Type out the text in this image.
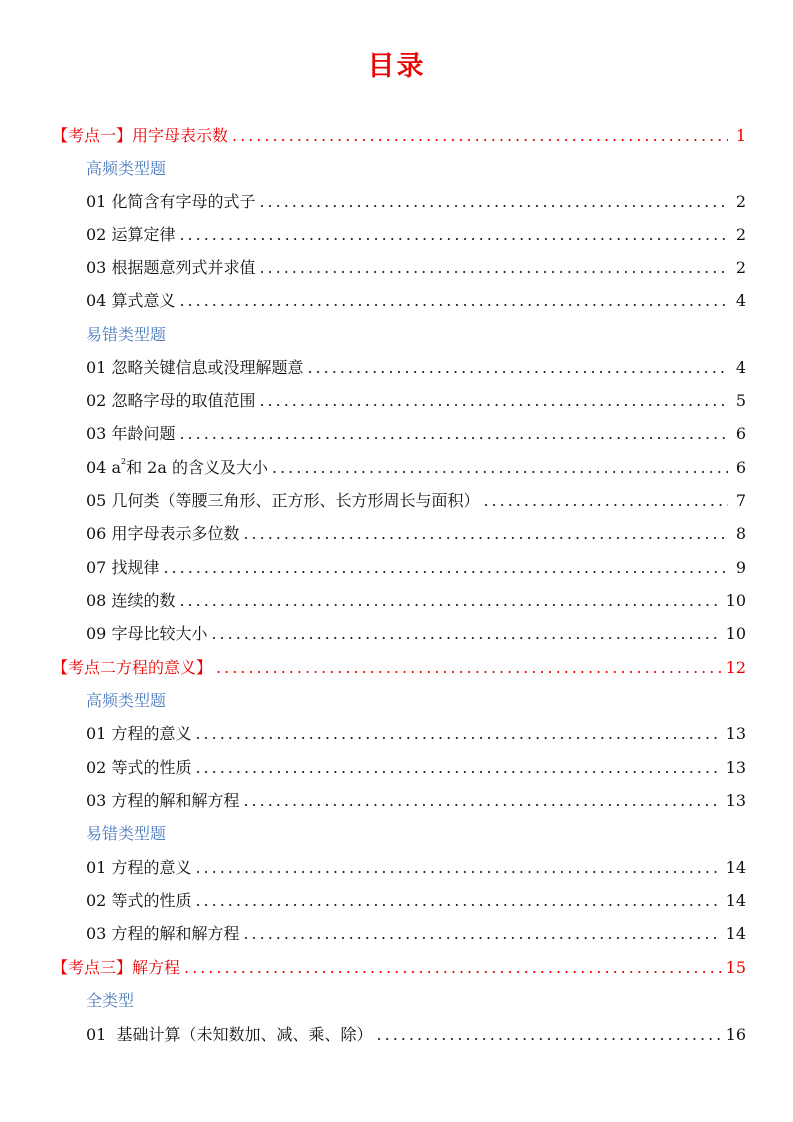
目录
【考点一】用字母表示数 .....	1
高频类型题
01 化简含有字母的式子 .....	2
02 运算定律 .....	2
03 根据题意列式并求值 .....	2
04 算式意义 .....	4
易错类型题
01 忽略关键信息或没理解题意 .....	4
02 忽略字母的取值范围 .....	5
03 年龄问题 .....	6
04 $a^2$和 2a 的含义及大小 .....	6
05 几何类（等腰三角形、正方形、长方形周长与面积） .....	7
06 用字母表示多位数 .....	8
07 找规律 .....	9
08 连续的数 .....	10
09 字母比较大小 .....	10
【考点二方程的意义】 .....	12
高频类型题
01 方程的意义 .....	13
02 等式的性质 .....	13
03 方程的解和解方程 .....	13
易错类型题
01 方程的意义 .....	14
02 等式的性质 .....	14
03 方程的解和解方程 .....	14
【考点三】解方程 .....	15
全类型
01  基础计算（未知数加、减、乘、除） .....	16
